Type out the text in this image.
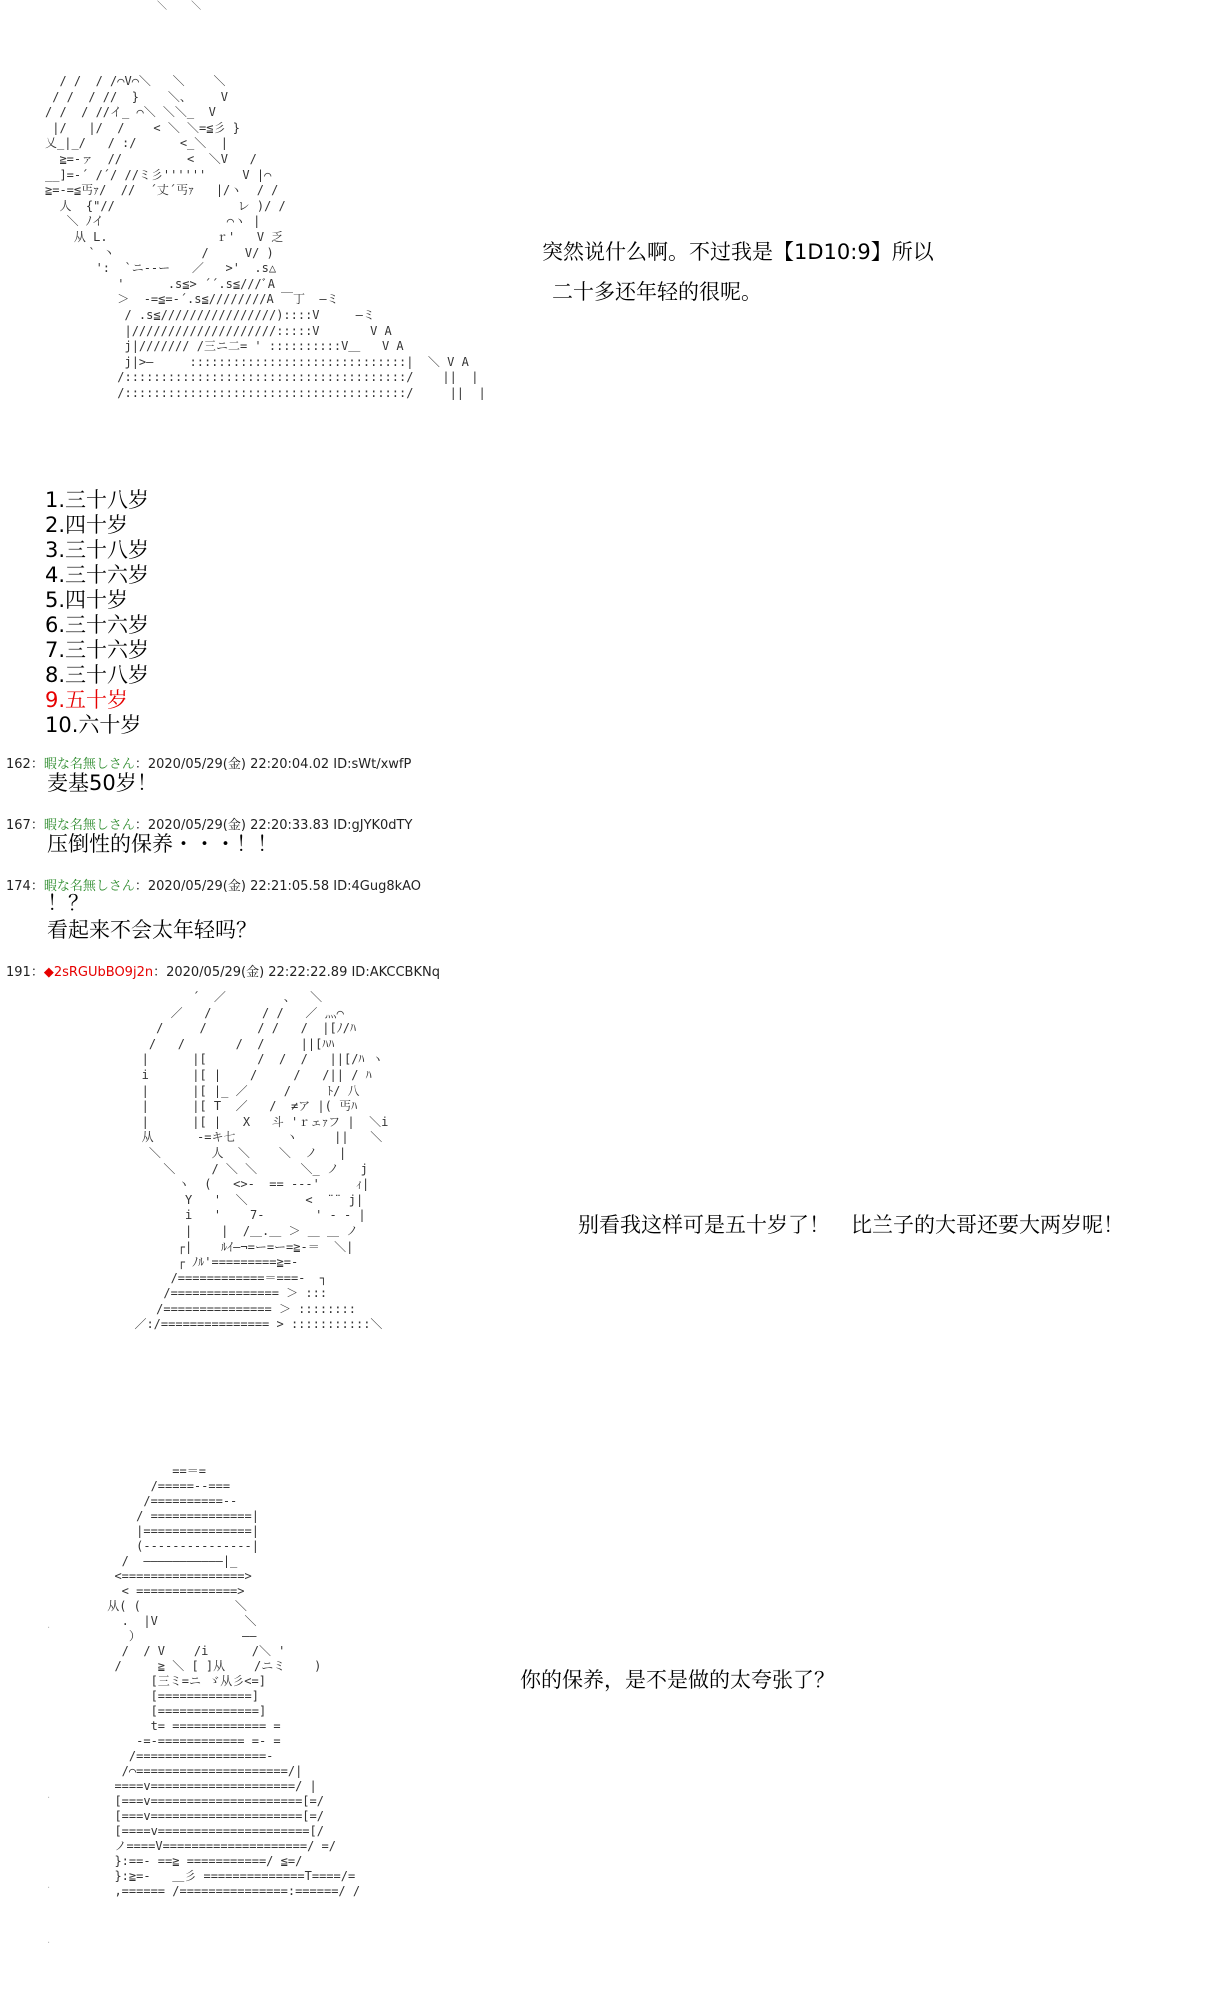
＼    ＼
/ /  / /⌒V⌒＼   ＼    ＼
/ /  / //  }    ＼、    V
/ /  / //イ_ ⌒＼ ＼＼_  V
|/   |/  /    < ＼ ＼=≦彡 }
乂_|_/   / :/      <_＼  |
≧=-ァ  //         <  ＼V   /
__]=-´ /´/ //ミ彡''''''     V |⌒
≧=-=≦丐ｧ/  //  ´丈´丐ｧ   |/ヽ  / /
人  {"//                 レ )/ /
＼ ﾉイ                 ⌒ヽ |
从 L.               ｒ'   V 乏
` 丶            /     V/ )
':  `ニ--ー   ／   >'  .s△
'      .s≦> ´´.s≦///ﾞA
＞  -=≦=-´.s≦////////A ￣丁  ―ミ
/ .s≦////////////////)::::V     ―ミ
|////////////////////:::::V       V A
j|/////// /三ニ二= ' ::::::::::V＿   V A
j|>―     ::::::::::::::::::::::::::::::|  ＼ V A
/:::::::::::::::::::::::::::::::::::::::/    ||  |
/:::::::::::::::::::::::::::::::::::::::/     ||  |
突然说什么啊。不过我是【1D10:9】所以
二十多还年轻的很呢。
1.三十八岁
2.四十岁
3.三十八岁
4.三十六岁
5.四十岁
6.三十六岁
7.三十六岁
8.三十八岁
9.五十岁
10.六十岁
162：暇な名無しさん：2020/05/29(金) 22:20:04.02 ID:sWt/xwfP
麦基50岁！
167：暇な名無しさん：2020/05/29(金) 22:20:33.83 ID:gJYK0dTY
压倒性的保养・・・！！
174：暇な名無しさん：2020/05/29(金) 22:21:05.58 ID:4Gug8kAO
！？
看起来不会太年轻吗？
191：◆2sRGUbBO9j2n：2020/05/29(金) 22:22:22.89 ID:AKCCBKNq
´  ／        、  ＼
／   /       / /   ／ 灬⌒
/     /       / /   /  |[ﾉ/ﾊ
/   /       /  /     ||[ﾊﾊ
|      |[       /  /  /   ||[/ﾊ ヽ
i      |[ |    /     /   /|| / ﾊ
|      |[ |_ ／     /     ﾄ/ 八
|      |[ T  ／   /  ≠ア |( 丐ﾊ
|      |[ |   X   斗 'ｒェｧフ |  ＼i
从      -=キ七       ヽ     ||   ＼
＼       人  ＼    ＼  ノ   |
＼     / ＼ ＼      ＼_ ノ   j
ヽ  (   <>-  == ---'     ｨ|
Y   '  ＼        <  ¨¨ j|
i   '    7-       ' ‐ ‐ |
|    |  /＿.＿ ＞ ＿ ＿ ノ
┌|    ﾙｲ―¬=ー=ー=≧-＝  ＼|
┌ ﾉﾙ'=========≧=-
/============＝===-  ┐
/=============== ＞ :::
/=============== ＞ ::::::::
／:/=============== > :::::::::::＼
别看我这样可是五十岁了！　比兰子的大哥还要大两岁呢！
==＝=
/=====--===
/==========--
/ ==============|
|===============|
(---------------|
/  ―――――――――――|_
<=================>
< ==============>
从( (             ＼
.  |V            ＼
）              ――
/  / V    /i      /＼ '
/     ≧ ＼ [ ]从    /ニミ    )
[三ミ=ニ ゞ从彡<=]
[=============]
[==============]
t= ============= =
-=-============ =- =
/==================-
/⌒=====================/|
====v====================/ |
[===v=====================[=/
[===v=====================[=/
[====v=====================[/
ノ====V====================/ =/
}:==- ==≧ ===========/ ≦=/
}:≧=-   ＿彡 ==============T====/=
,====== /===============:======/ /
.
.
.
.
你的保养，是不是做的太夸张了？
